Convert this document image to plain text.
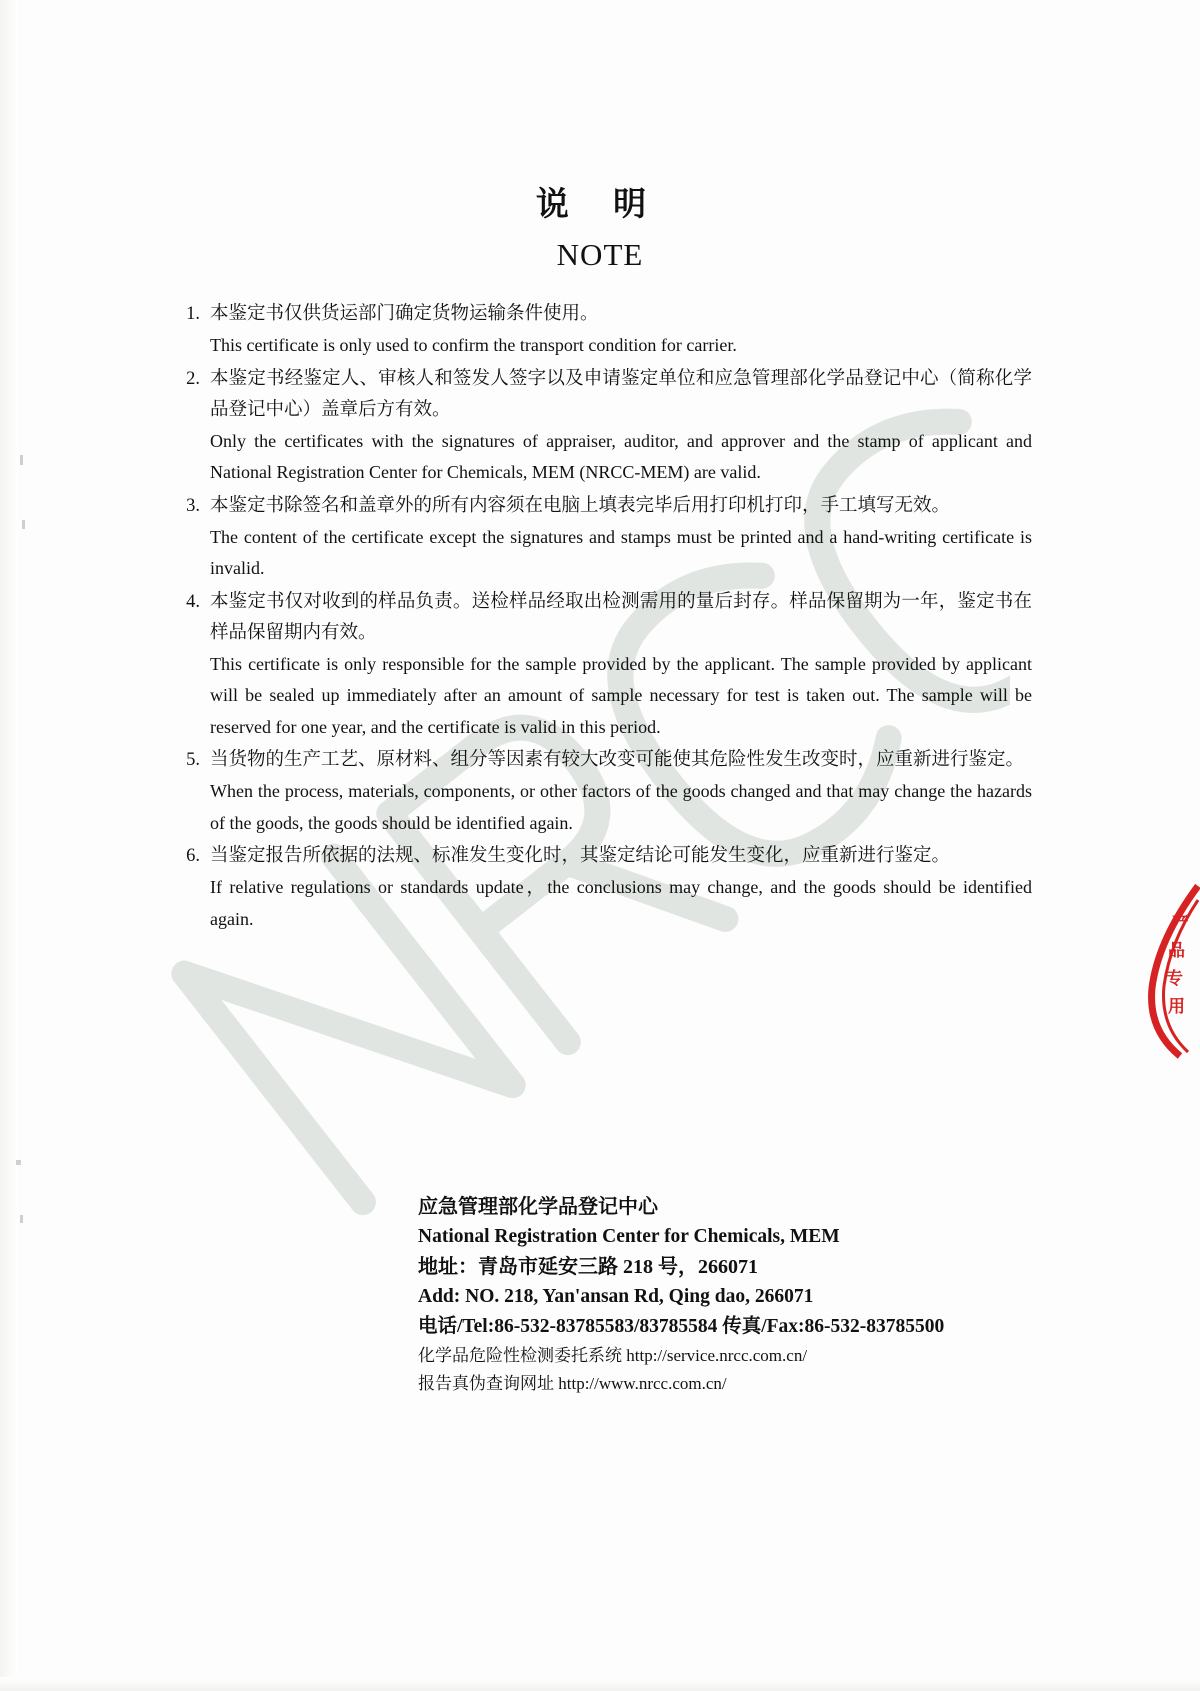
产
品
专
用
说 明
NOTE
1. 本鉴定书仅供货运部门确定货物运输条件使用。
This certificate is only used to confirm the transport condition for carrier.
2. 本鉴定书经鉴定人、审核人和签发人签字以及申请鉴定单位和应急管理部化学品登记中心（简称化学品登记中心）盖章后方有效。
Only the certificates with the signatures of appraiser, auditor, and approver and the stamp of applicant and National Registration Center for Chemicals, MEM (NRCC-MEM) are valid.
3. 本鉴定书除签名和盖章外的所有内容须在电脑上填表完毕后用打印机打印，手工填写无效。
The content of the certificate except the signatures and stamps must be printed and a hand-writing certificate is invalid.
4. 本鉴定书仅对收到的样品负责。送检样品经取出检测需用的量后封存。样品保留期为一年，鉴定书在样品保留期内有效。
This certificate is only responsible for the sample provided by the applicant. The sample provided by applicant will be sealed up immediately after an amount of sample necessary for test is taken out. The sample will be reserved for one year, and the certificate is valid in this period.
5. 当货物的生产工艺、原材料、组分等因素有较大改变可能使其危险性发生改变时，应重新进行鉴定。
When the process, materials, components, or other factors of the goods changed and that may change the hazards of the goods, the goods should be identified again.
6. 当鉴定报告所依据的法规、标准发生变化时，其鉴定结论可能发生变化，应重新进行鉴定。
If relative regulations or standards update，the conclusions may change, and the goods should be identified again.
应急管理部化学品登记中心
National Registration Center for Chemicals, MEM
地址：青岛市延安三路 218 号，266071
Add: NO. 218, Yan'ansan Rd, Qing dao, 266071
电话/Tel:86-532-83785583/83785584 传真/Fax:86-532-83785500
化学品危险性检测委托系统 http://service.nrcc.com.cn/
报告真伪查询网址 http://www.nrcc.com.cn/
